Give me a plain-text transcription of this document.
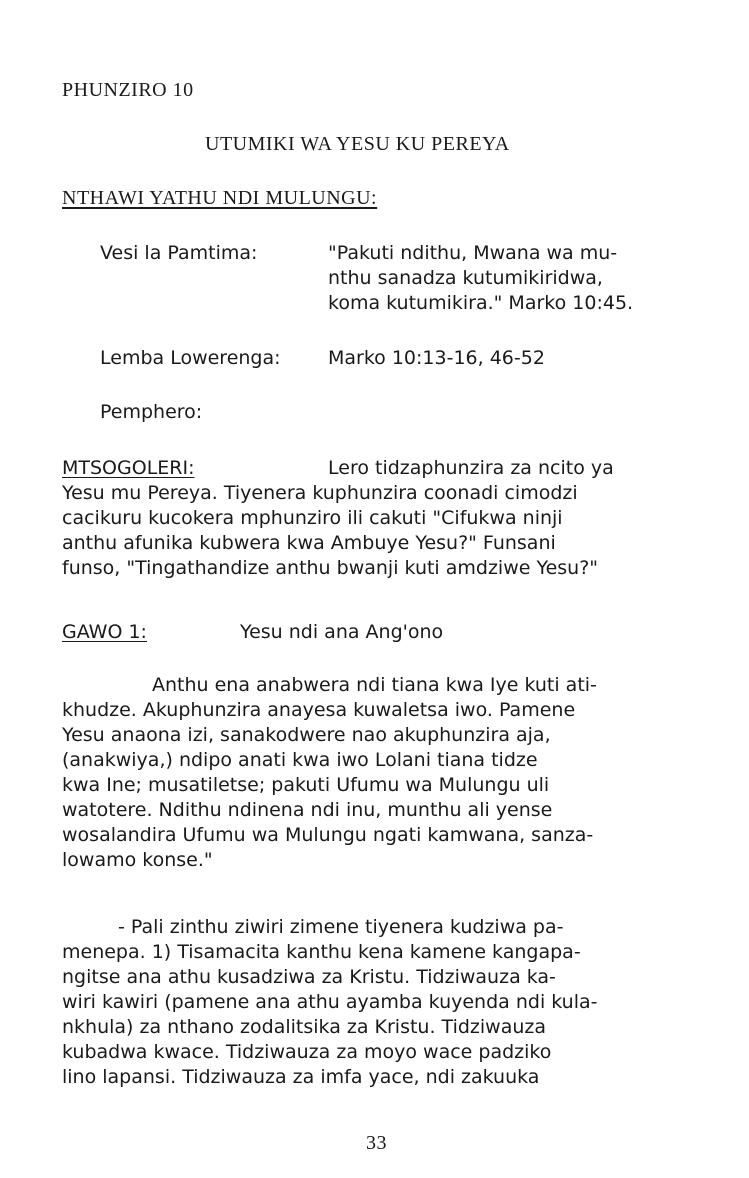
PHUNZIRO 10
UTUMIKI WA YESU KU PEREYA
NTHAWI YATHU NDI MULUNGU:
Vesi la Pamtima:	"Pakuti ndithu, Mwana wa mu-
nthu sanadza kutumikiridwa,
koma kutumikira." Marko 10:45.
Lemba Lowerenga: Marko 10:13-16, 46-52
Pemphero:
MTSOGOLERI:	Lero tidzaphunzira za ncito ya
Yesu mu Pereya. Tiyenera kuphunzira coonadi cimodzi
cacikuru kucokera mphunziro ili cakuti "Cifukwa ninji
anthu afunika kubwera kwa Ambuye Yesu?" Funsani
funso, "Tingathandize anthu bwanji kuti amdziwe Yesu?"
GAWO 1:	Yesu ndi ana Ang'ono
Anthu ena anabwera ndi tiana kwa Iye kuti ati-
khudze. Akuphunzira anayesa kuwaletsa iwo. Pamene
Yesu anaona izi, sanakodwere nao akuphunzira aja,
(anakwiya,) ndipo anati kwa iwo Lolani tiana tidze
kwa Ine; musatiletse; pakuti Ufumu wa Mulungu uli
watotere. Ndithu ndinena ndi inu, munthu ali yense
wosalandira Ufumu wa Mulungu ngati kamwana, sanza-
lowamo konse."
- Pali zinthu ziwiri zimene tiyenera kudziwa pa-
menepa. 1) Tisamacita kanthu kena kamene kangapa-
ngitse ana athu kusadziwa za Kristu. Tidziwauza ka-
wiri kawiri (pamene ana athu ayamba kuyenda ndi kula-
nkhula) za nthano zodalitsika za Kristu. Tidziwauza
kubadwa kwace. Tidziwauza za moyo wace padziko
lino lapansi. Tidziwauza za imfa yace, ndi zakuuka
33
